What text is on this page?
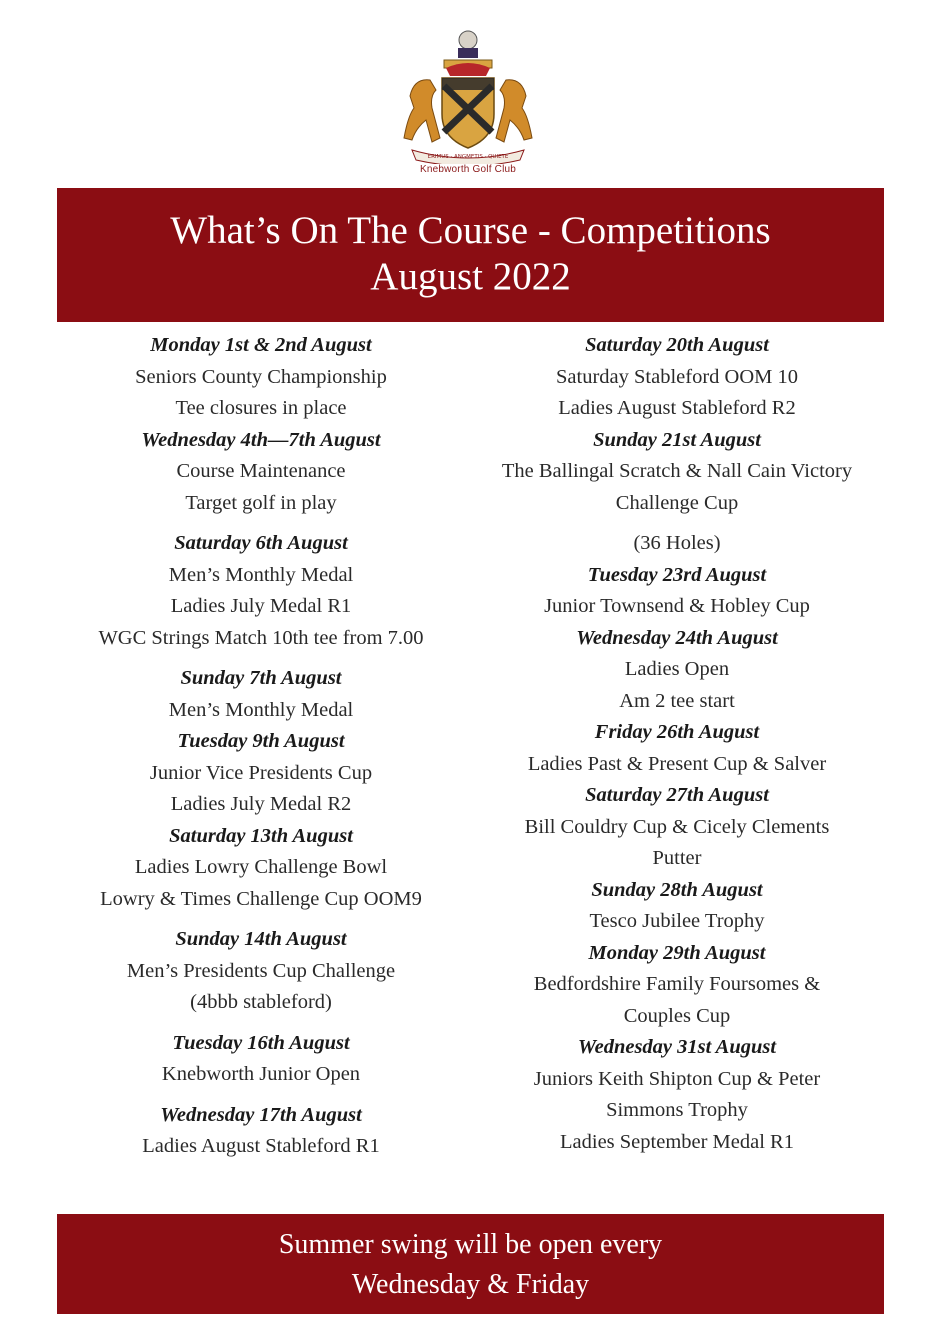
ERIMUS · ANGMETIS · QUIETE
Knebworth Golf Club
What’s On The Course - Competitions
August 2022
Monday 1st & 2nd August
Seniors County Championship
Tee closures in place
Wednesday 4th—7th August
Course Maintenance
Target golf in play
Saturday 6th August
Men’s Monthly Medal
Ladies July Medal R1
WGC Strings Match 10th tee from 7.00
Sunday 7th August
Men’s Monthly Medal
Tuesday 9th August
Junior Vice Presidents Cup
Ladies July Medal R2
Saturday 13th August
Ladies Lowry Challenge Bowl
Lowry & Times Challenge Cup OOM9
Sunday 14th August
Men’s Presidents Cup Challenge
(4bbb stableford)
Tuesday 16th August
Knebworth Junior Open
Wednesday 17th August
Ladies August Stableford R1
Saturday 20th August
Saturday Stableford OOM 10
Ladies August Stableford R2
Sunday 21st August
The Ballingal Scratch & Nall Cain Victory
Challenge Cup
(36 Holes)
Tuesday 23rd August
Junior Townsend & Hobley Cup
Wednesday 24th August
Ladies Open
Am 2 tee start
Friday 26th August
Ladies Past & Present Cup & Salver
Saturday 27th August
Bill Couldry Cup & Cicely Clements
Putter
Sunday 28th August
Tesco Jubilee Trophy
Monday 29th August
Bedfordshire Family Foursomes &
Couples Cup
Wednesday 31st August
Juniors Keith Shipton Cup & Peter
Simmons Trophy
Ladies September Medal R1
Summer swing will be open every
Wednesday & Friday
